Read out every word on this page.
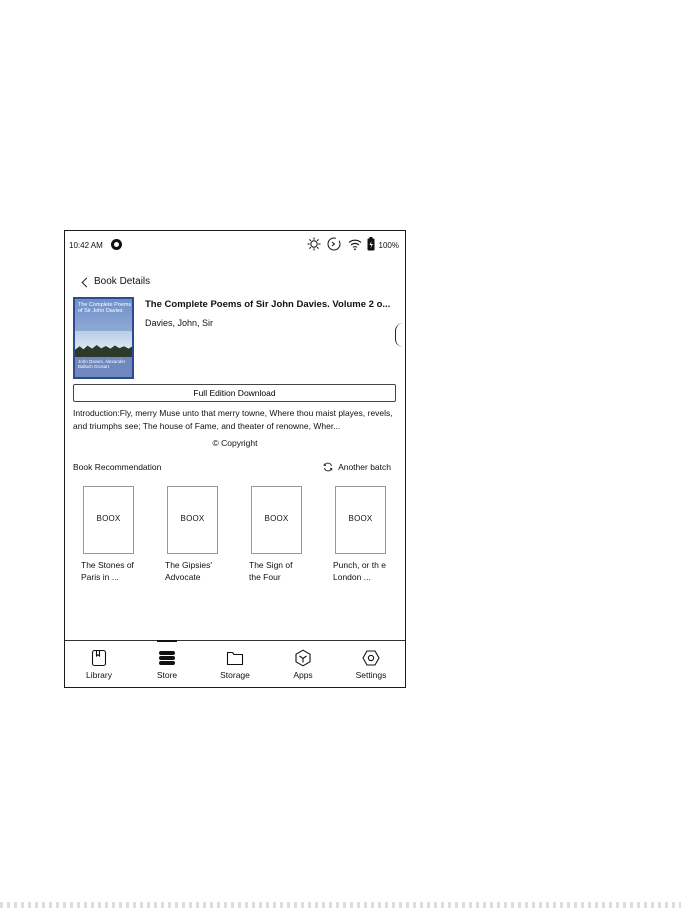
10:42 AM	100%
Book Details
The Complete Poems of Sir John Davies
John Davies, Alexander Balloch Grosart
The Complete Poems of Sir John Davies. Volume 2 o...
Davies, John, Sir
Full Edition Download
Introduction:Fly, merry Muse unto that merry towne, Where thou maist playes, revels, and triumphs see; The house of Fame, and theater of renowne, Wher...
© Copyright
Book Recommendation	Another batch
BOOX
The Stones of Paris in ...
BOOX
The Gipsies' Advocate
BOOX
The Sign of the Four
BOOX
Punch, or th e London ...
Library	Store	Storage	Apps	Settings
